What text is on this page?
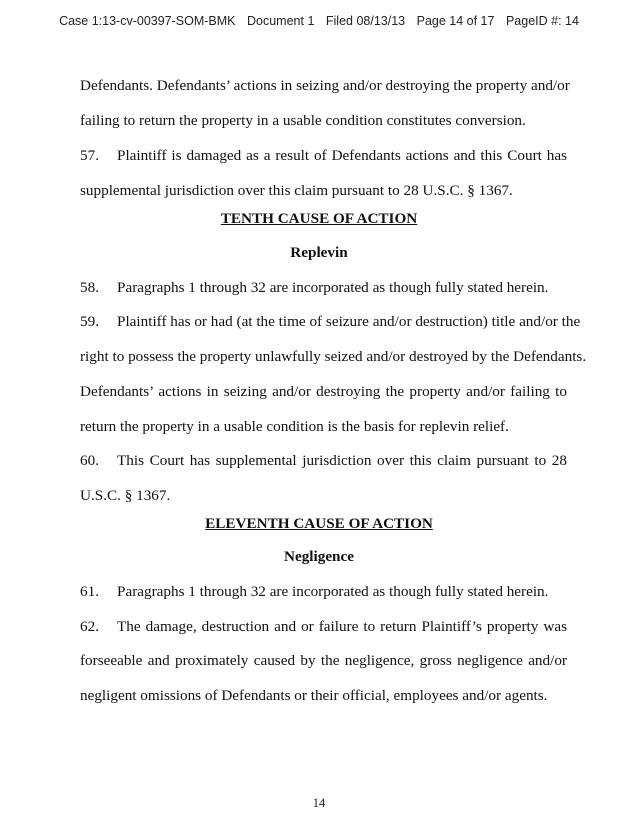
Case 1:13-cv-00397-SOM-BMK Document 1 Filed 08/13/13 Page 14 of 17 PageID #: 14
Defendants. Defendants’ actions in seizing and/or destroying the property and/or
failing to return the property in a usable condition constitutes conversion.
57. Plaintiff is damaged as a result of Defendants actions and this Court has
supplemental jurisdiction over this claim pursuant to 28 U.S.C. § 1367.
TENTH CAUSE OF ACTION
Replevin
58. Paragraphs 1 through 32 are incorporated as though fully stated herein.
59. Plaintiff has or had (at the time of seizure and/or destruction) title and/or the
right to possess the property unlawfully seized and/or destroyed by the Defendants.
Defendants’ actions in seizing and/or destroying the property and/or failing to
return the property in a usable condition is the basis for replevin relief.
60. This Court has supplemental jurisdiction over this claim pursuant to 28
U.S.C. § 1367.
ELEVENTH CAUSE OF ACTION
Negligence
61. Paragraphs 1 through 32 are incorporated as though fully stated herein.
62. The damage, destruction and or failure to return Plaintiff’s property was
forseeable and proximately caused by the negligence, gross negligence and/or
negligent omissions of Defendants or their official, employees and/or agents.
14
